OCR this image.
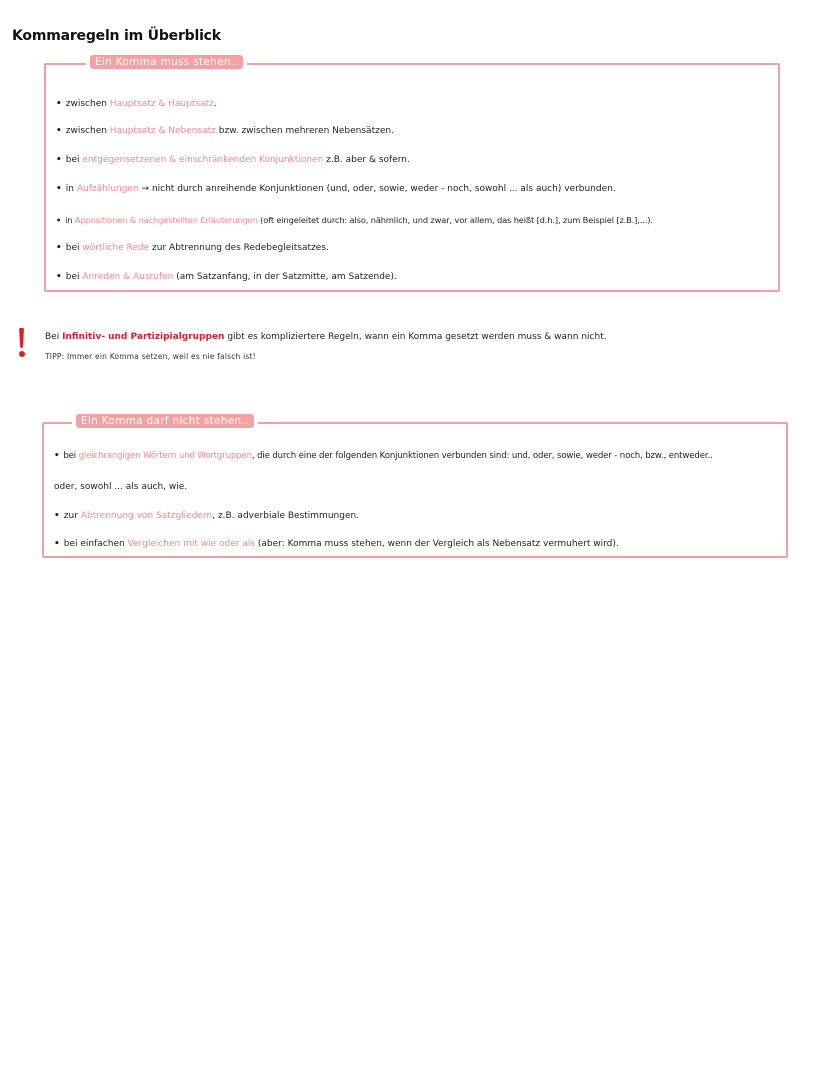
Kommaregeln im Überblick
Ein Komma muss stehen..
• zwischen Hauptsatz & Hauptsatz.
• zwischen Hauptsatz & Nebensatz bzw. zwischen mehreren Nebensätzen.
• bei entgegensetzenen & einschränkenden Konjunktionen z.B. aber & sofern.
• in Aufzählungen → nicht durch anreihende Konjunktionen (und, oder, sowie, weder - noch, sowohl ... als auch) verbunden.
• in Appositionen & nachgestellten Erläuterungen (oft eingeleitet durch: also, nähmlich, und zwar, vor allem, das heißt [d.h.], zum Beispiel [z.B.],...).
• bei wörtliche Rede zur Abtrennung des Redebegleitsatzes.
• bei Anreden & Ausrufen (am Satzanfang, in der Satzmitte, am Satzende).
Bei Infinitiv- und Partizipialgruppen gibt es kompliziertere Regeln, wann ein Komma gesetzt werden muss & wann nicht.
TIPP: Immer ein Komma setzen, weil es nie falsch ist!
Ein Komma darf nicht stehen..
• bei gleichrangigen Wörtern und Wortgruppen, die durch eine der folgenden Konjunktionen verbunden sind: und, oder, sowie, weder - noch, bzw., entweder..
oder, sowohl ... als auch, wie.
• zur Abtrennung von Satzgliedern, z.B. adverbiale Bestimmungen.
• bei einfachen Vergleichen mit wie oder als (aber: Komma muss stehen, wenn der Vergleich als Nebensatz vermuhert wird).
